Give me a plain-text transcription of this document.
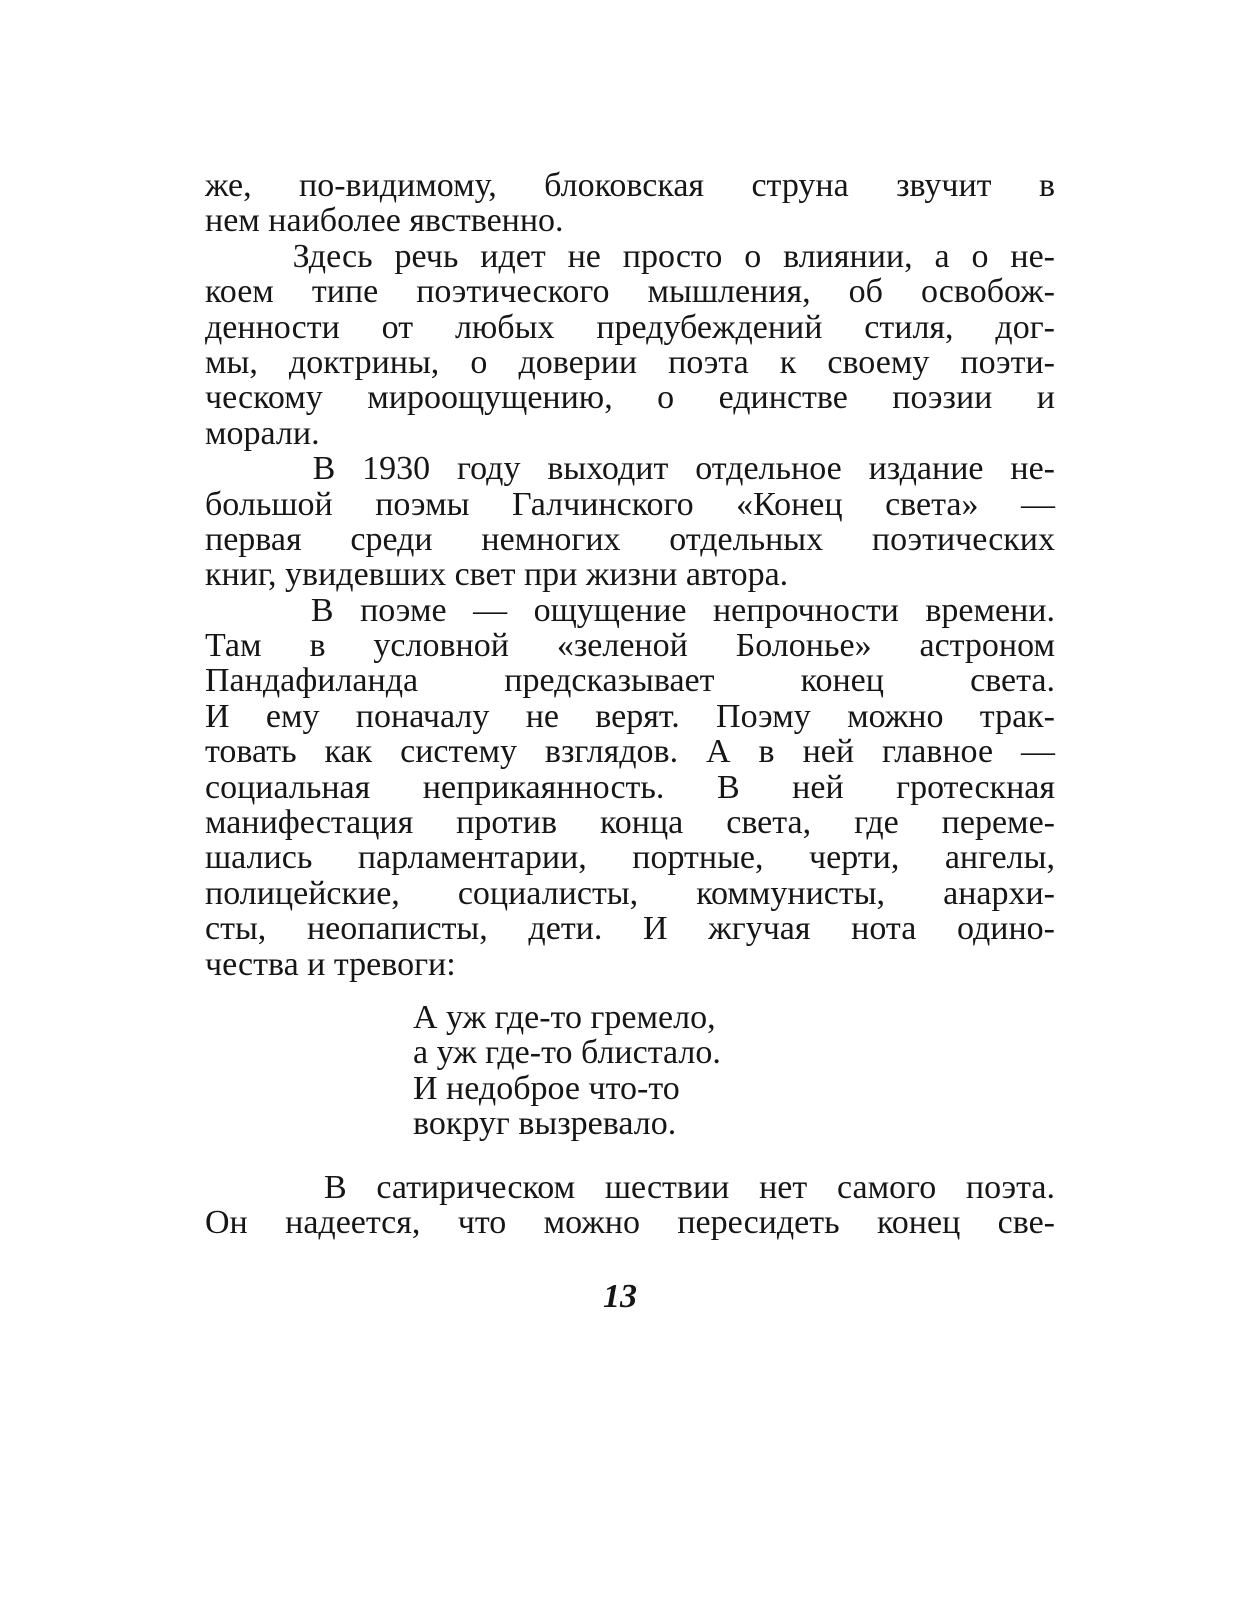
же, по-видимому, блоковская струна звучит в
нем наиболее явственно.
Здесь речь идет не просто о влиянии, а о не-
коем типе поэтического мышления, об освобож-
денности от любых предубеждений стиля, дог-
мы, доктрины, о доверии поэта к своему поэти-
ческому мироощущению, о единстве поэзии и
морали.
В 1930 году выходит отдельное издание не-
большой поэмы Галчинского «Конец света» —
первая среди немногих отдельных поэтических
книг, увидевших свет при жизни автора.
В поэме — ощущение непрочности времени.
Там в условной «зеленой Болонье» астроном
Пандафиланда предсказывает конец света.
И ему поначалу не верят. Поэму можно трак-
товать как систему взглядов. А в ней главное —
социальная неприкаянность. В ней гротескная
манифестация против конца света, где переме-
шались парламентарии, портные, черти, ангелы,
полицейские, социалисты, коммунисты, анархи-
сты, неопаписты, дети. И жгучая нота одино-
чества и тревоги:
А уж где-то гремело,
а уж где-то блистало.
И недоброе что-то
вокруг вызревало.
В сатирическом шествии нет самого поэта.
Он надеется, что можно пересидеть конец све-
13
